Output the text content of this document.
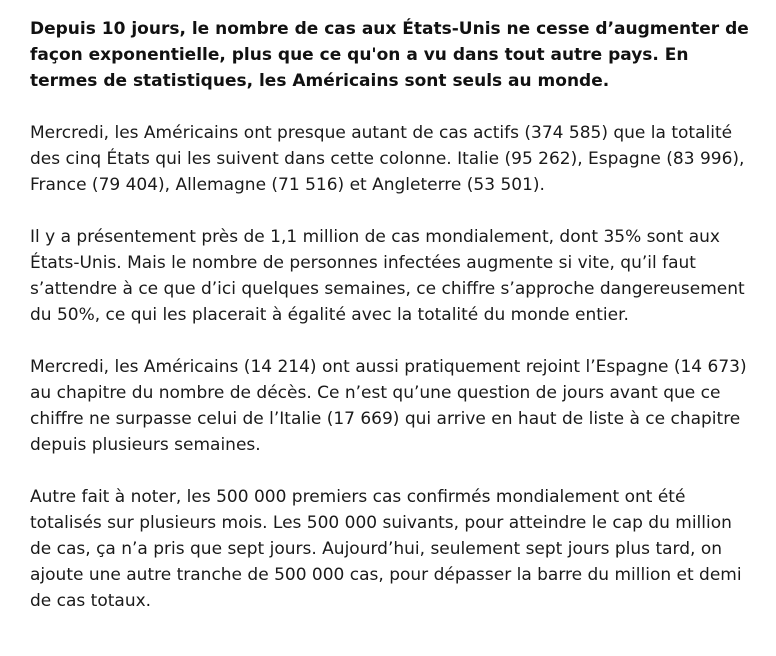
Depuis 10 jours, le nombre de cas aux États-Unis ne cesse d’augmenter de façon exponentielle, plus que ce qu'on a vu dans tout autre pays. En termes de statistiques, les Américains sont seuls au monde.

Mercredi, les Américains ont presque autant de cas actifs (374 585) que la totalité des cinq États qui les suivent dans cette colonne. Italie (95 262), Espagne (83 996), France (79 404), Allemagne (71 516) et Angleterre (53 501).

Il y a présentement près de 1,1 million de cas mondialement, dont 35% sont aux États-Unis. Mais le nombre de personnes infectées augmente si vite, qu’il faut s’attendre à ce que d’ici quelques semaines, ce chiffre s’approche dangereusement du 50%, ce qui les placerait à égalité avec la totalité du monde entier.

Mercredi, les Américains (14 214) ont aussi pratiquement rejoint l’Espagne (14 673) au chapitre du nombre de décès. Ce n’est qu’une question de jours avant que ce chiffre ne surpasse celui de l’Italie (17 669) qui arrive en haut de liste à ce chapitre depuis plusieurs semaines.

Autre fait à noter, les 500 000 premiers cas confirmés mondialement ont été totalisés sur plusieurs mois. Les 500 000 suivants, pour atteindre le cap du million de cas, ça n’a pris que sept jours. Aujourd’hui, seulement sept jours plus tard, on ajoute une autre tranche de 500 000 cas, pour dépasser la barre du million et demi de cas totaux.
